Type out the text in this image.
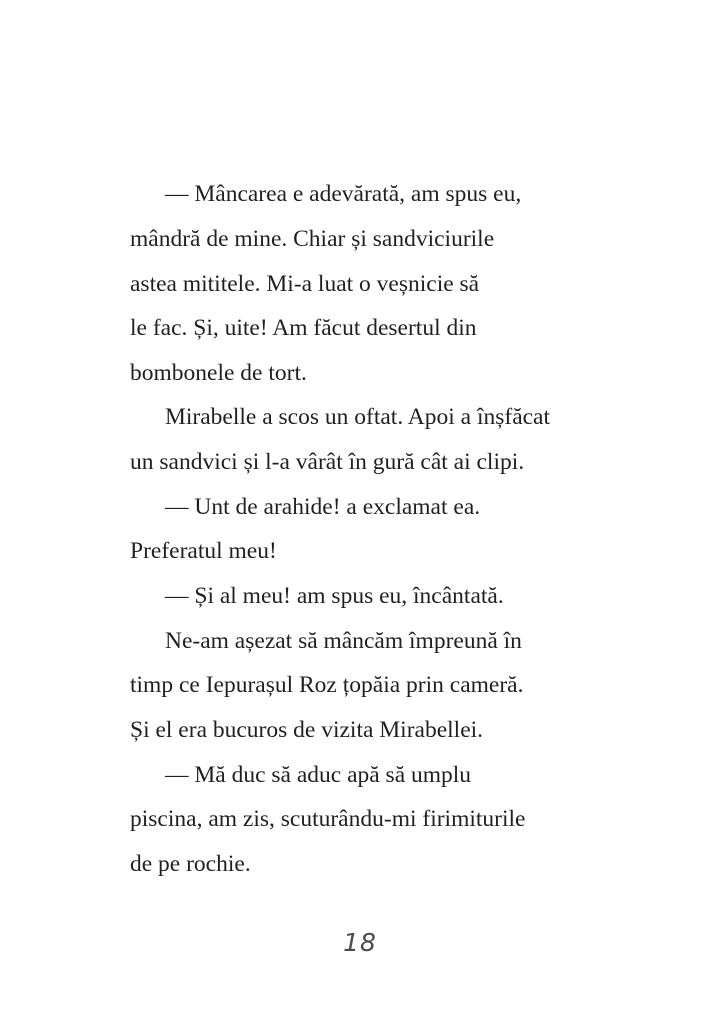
— Mâncarea e adevărată, am spus eu,
mândră de mine. Chiar și sandviciurile
astea mititele. Mi-a luat o veșnicie să
le fac. Și, uite! Am făcut desertul din
bombonele de tort.
Mirabelle a scos un oftat. Apoi a înșfăcat
un sandvici și l-a vârât în gură cât ai clipi.
— Unt de arahide! a exclamat ea.
Preferatul meu!
— Și al meu! am spus eu, încântată.
Ne-am așezat să mâncăm împreună în
timp ce Iepurașul Roz țopăia prin cameră.
Și el era bucuros de vizita Mirabellei.
— Mă duc să aduc apă să umplu
piscina, am zis, scuturându-mi firimiturile
de pe rochie.
18
